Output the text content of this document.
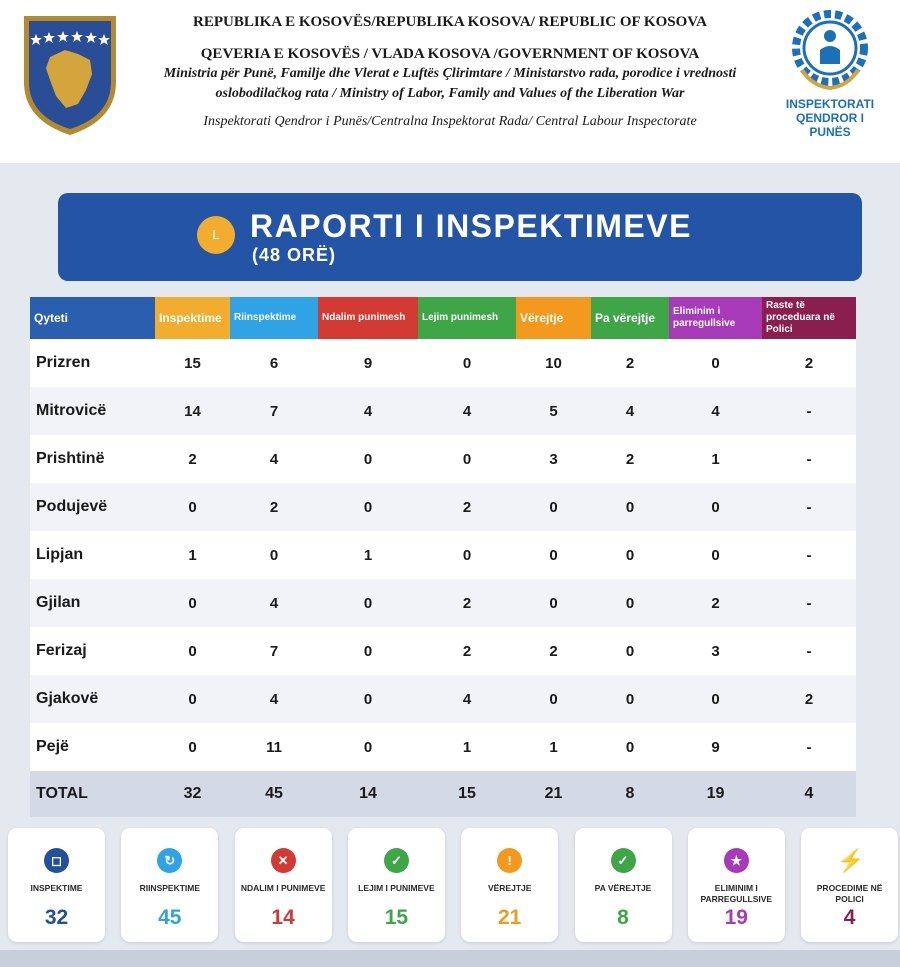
REPUBLIKA E KOSOVËS/REPUBLIKA KOSOVA/ REPUBLIC OF KOSOVA
QEVERIA E KOSOVËS / VLADA KOSOVA /GOVERNMENT OF KOSOVA
Ministria për Punë, Familje dhe Vlerat e Luftës Çlirimtare / Ministarstvo rada, porodice i vrednosti oslobodilačkog rata / Ministry of Labor, Family and Values of the Liberation War
Inspektorati Qendror i Punës/Centralna Inspektorat Rada/ Central Labour Inspectorate
INSPEKTORATI
QENDROR I PUNËS
L RAPORTI I INSPEKTIMEVE
(48 ORË)
Qyteti	Inspektime	Riinspektime	Ndalim punimesh	Lejim punimesh	Vërejtje	Pa vërejtje	Eliminim i parregullsive	Raste të proceduara në Polici
Prizren	15	6	9	0	10	2	0	2
Mitrovicë	14	7	4	4	5	4	4	-
Prishtinë	2	4	0	0	3	2	1	-
Podujevë	0	2	0	2	0	0	0	-
Lipjan	1	0	1	0	0	0	0	-
Gjilan	0	4	0	2	0	0	2	-
Ferizaj	0	7	0	2	2	0	3	-
Gjakovë	0	4	0	4	0	0	0	2
Pejë	0	11	0	1	1	0	9	-
TOTAL	32	45	14	15	21	8	19	4
◻
INSPEKTIME
32
↻
RIINSPEKTIME
45
✕
NDALIM I PUNIMEVE
14
✓
LEJIM I PUNIMEVE
15
!
VËREJTJE
21
✓
PA VËREJTJE
8
★
ELIMINIM I PARREGULLSIVE
19
⚡
PROCEDIME NË POLICI
4
